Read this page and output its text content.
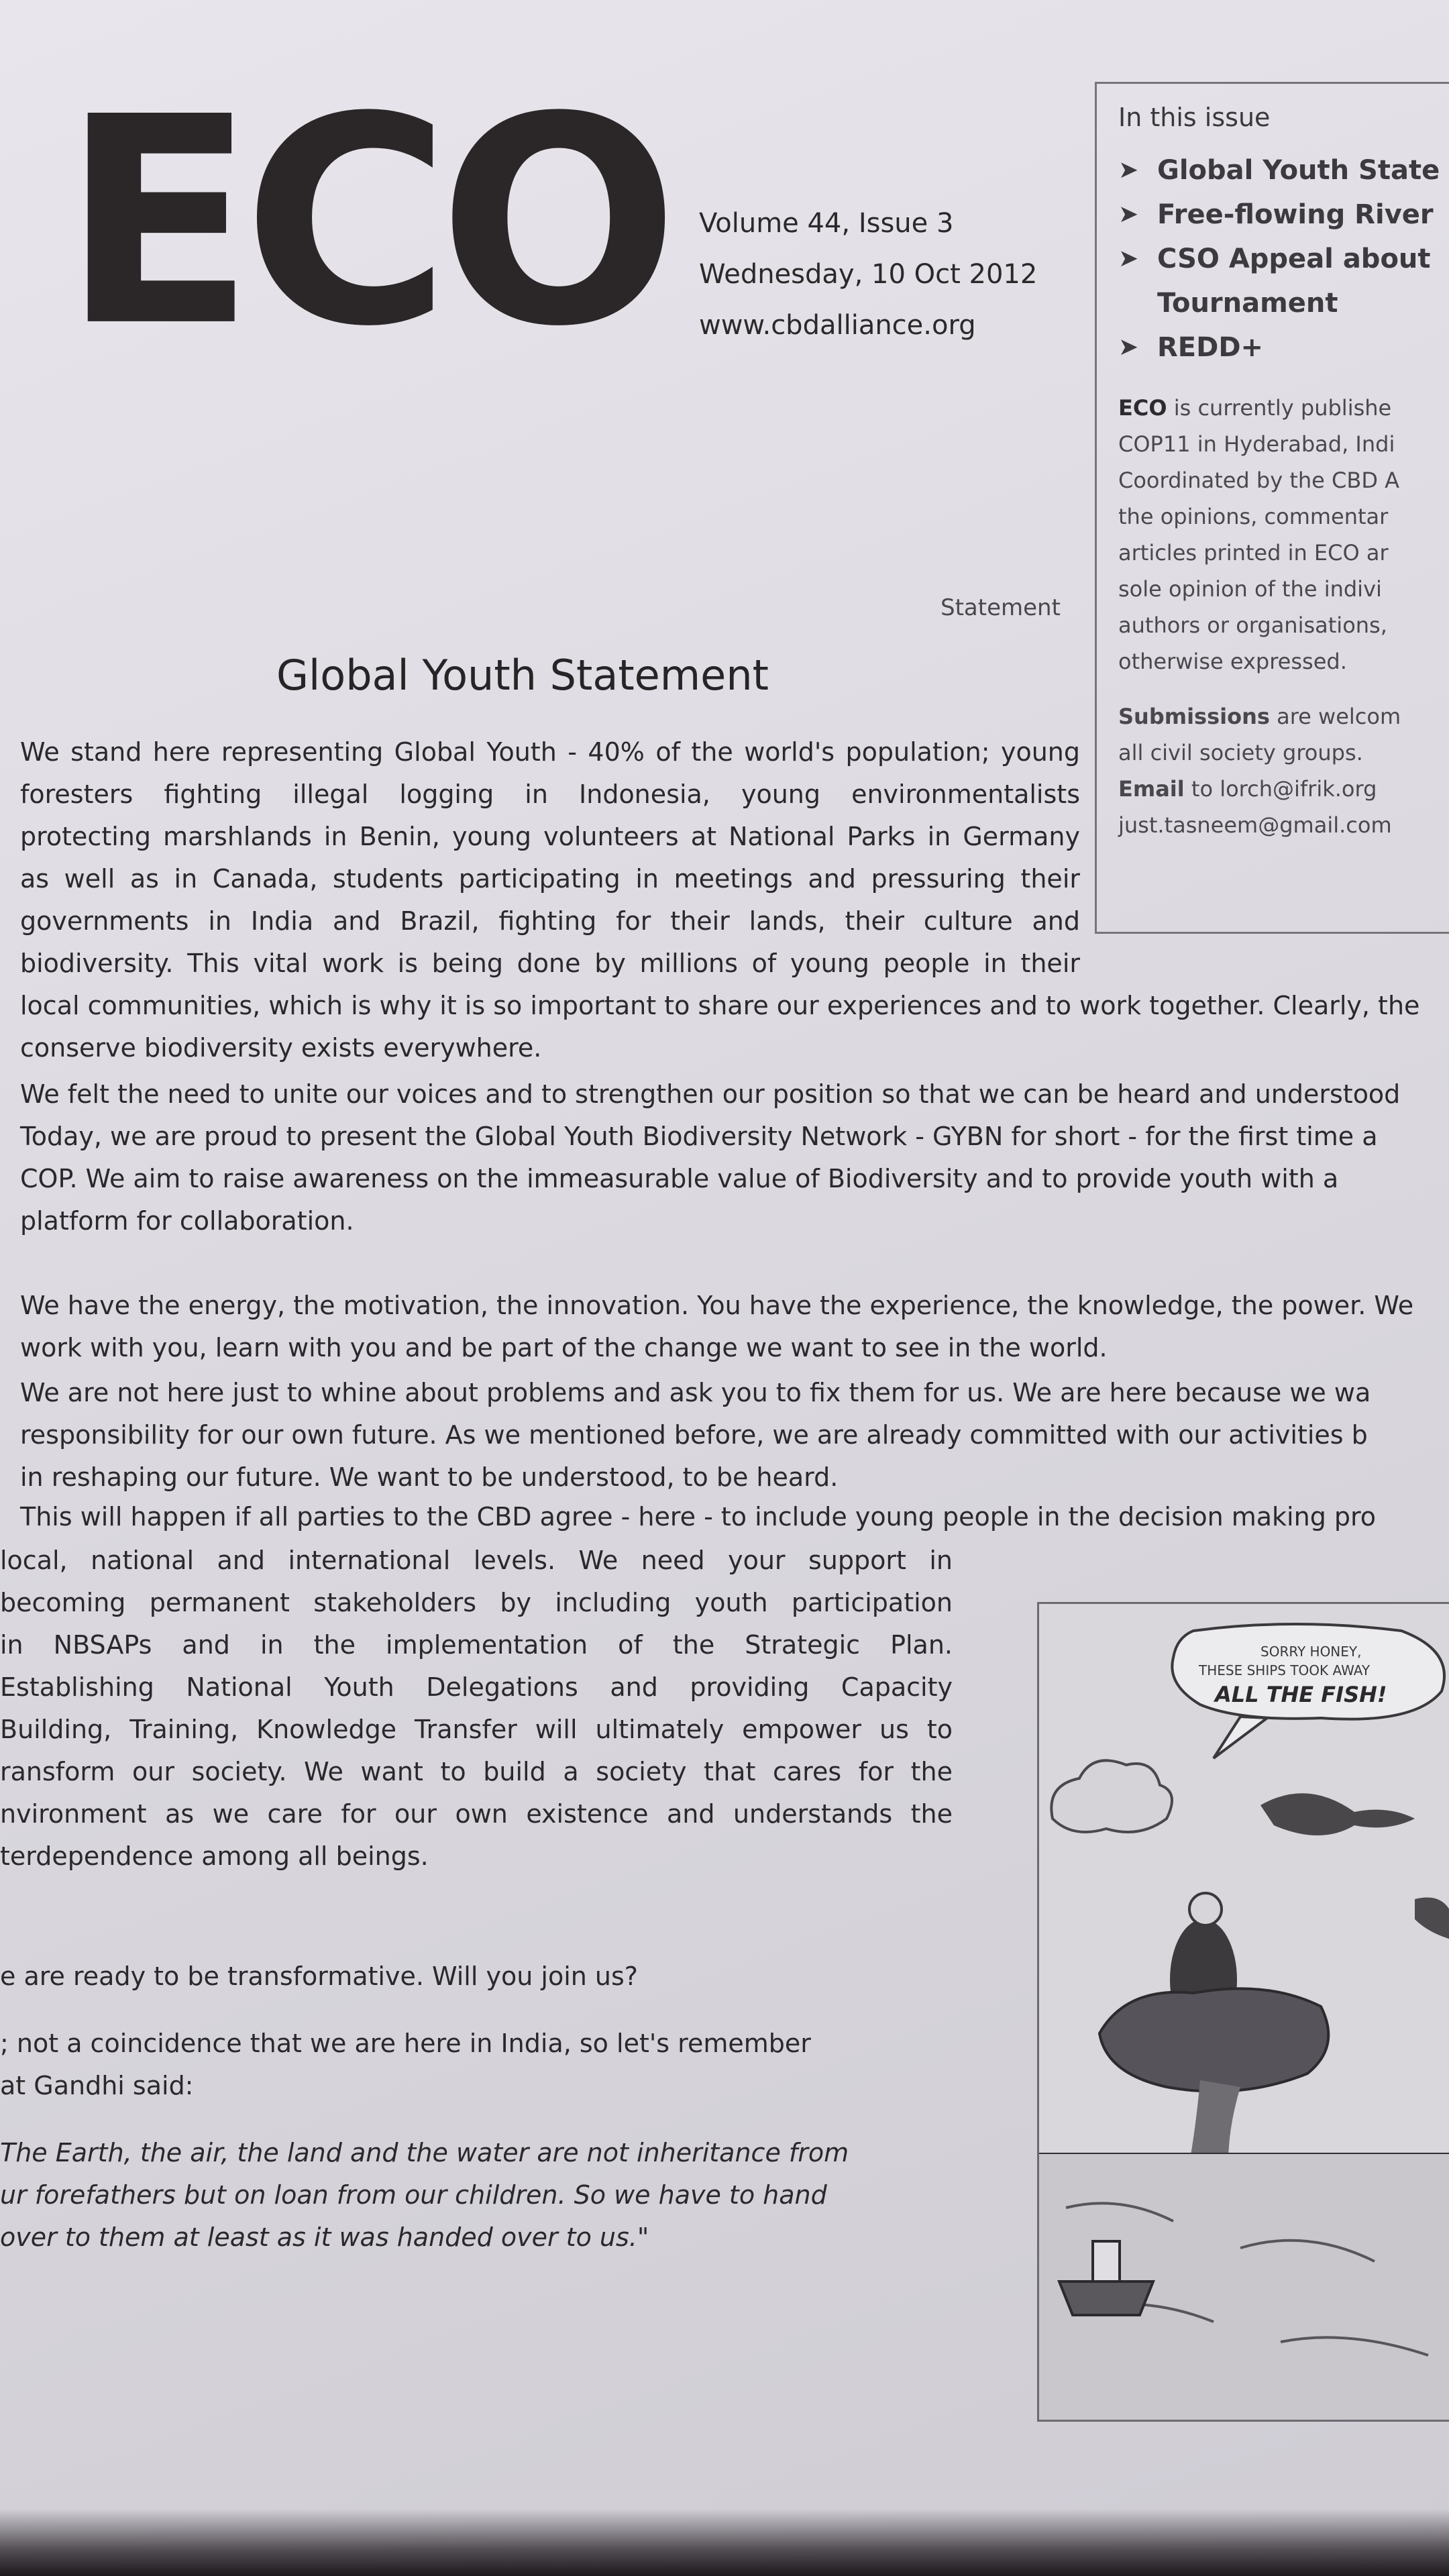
ECO Volume 44, Issue 3
Wednesday, 10 Oct 2012
www.cbdalliance.org
In this issue
➤ Global Youth State
➤ Free-flowing River
➤ CSO Appeal about
Tournament
➤ REDD+
ECO is currently publishe
COP11 in Hyderabad, Indi
Coordinated by the CBD A
the opinions, commentar
articles printed in ECO ar
sole opinion of the indivi
authors or organisations,
otherwise expressed.
Submissions are welcom
all civil society groups.
Email to lorch@ifrik.org
just.tasneem@gmail.com
Statement
Global Youth Statement
We stand here representing Global Youth - 40% of the world's population; young
foresters fighting illegal logging in Indonesia, young environmentalists
protecting marshlands in Benin, young volunteers at National Parks in Germany
as well as in Canada, students participating in meetings and pressuring their
governments in India and Brazil, fighting for their lands, their culture and
biodiversity. This vital work is being done by millions of young people in their
local communities, which is why it is so important to share our experiences and to work together. Clearly, the
conserve biodiversity exists everywhere.
We felt the need to unite our voices and to strengthen our position so that we can be heard and understood
Today, we are proud to present the Global Youth Biodiversity Network - GYBN for short - for the first time a
COP. We aim to raise awareness on the immeasurable value of Biodiversity and to provide youth with a
platform for collaboration.
We have the energy, the motivation, the innovation. You have the experience, the knowledge, the power. We
work with you, learn with you and be part of the change we want to see in the world.
We are not here just to whine about problems and ask you to fix them for us. We are here because we wa
responsibility for our own future. As we mentioned before, we are already committed with our activities b
in reshaping our future. We want to be understood, to be heard.
This will happen if all parties to the CBD agree - here - to include young people in the decision making pro
local, national and international levels. We need your support in
becoming permanent stakeholders by including youth participation
in NBSAPs and in the implementation of the Strategic Plan.
Establishing National Youth Delegations and providing Capacity
Building, Training, Knowledge Transfer will ultimately empower us to
ransform our society. We want to build a society that cares for the
nvironment as we care for our own existence and understands the
terdependence among all beings.
e are ready to be transformative. Will you join us?
; not a coincidence that we are here in India, so let's remember
at Gandhi said:
The Earth, the air, the land and the water are not inheritance from
ur forefathers but on loan from our children. So we have to hand
over to them at least as it was handed over to us."
SORRY HONEY,
THESE SHIPS TOOK AWAY
ALL THE FISH!
